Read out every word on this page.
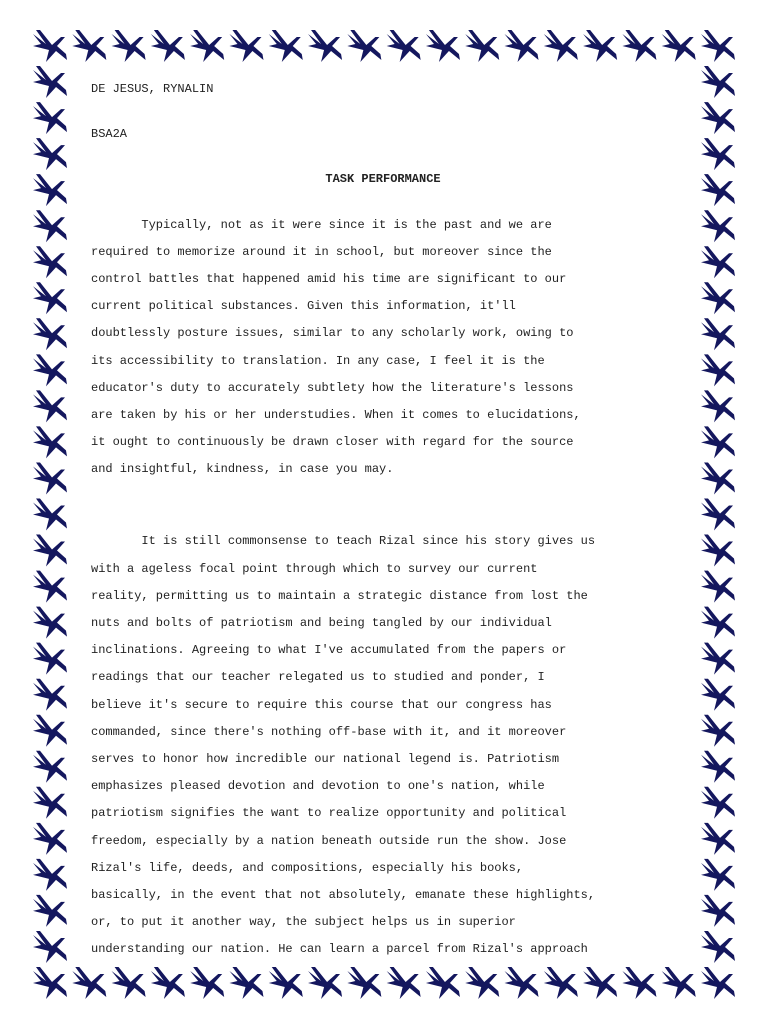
DE JESUS, RYNALIN
BSA2A
TASK PERFORMANCE
Typically, not as it were since it is the past and we are
required to memorize around it in school, but moreover since the
control battles that happened amid his time are significant to our
current political substances. Given this information, it'll
doubtlessly posture issues, similar to any scholarly work, owing to
its accessibility to translation. In any case, I feel it is the
educator's duty to accurately subtlety how the literature's lessons
are taken by his or her understudies. When it comes to elucidations,
it ought to continuously be drawn closer with regard for the source
and insightful, kindness, in case you may.
It is still commonsense to teach Rizal since his story gives us
with a ageless focal point through which to survey our current
reality, permitting us to maintain a strategic distance from lost the
nuts and bolts of patriotism and being tangled by our individual
inclinations. Agreeing to what I've accumulated from the papers or
readings that our teacher relegated us to studied and ponder, I
believe it's secure to require this course that our congress has
commanded, since there's nothing off-base with it, and it moreover
serves to honor how incredible our national legend is. Patriotism
emphasizes pleased devotion and devotion to one's nation, while
patriotism signifies the want to realize opportunity and political
freedom, especially by a nation beneath outside run the show. Jose
Rizal's life, deeds, and compositions, especially his books,
basically, in the event that not absolutely, emanate these highlights,
or, to put it another way, the subject helps us in superior
understanding our nation. He can learn a parcel from Rizal's approach
